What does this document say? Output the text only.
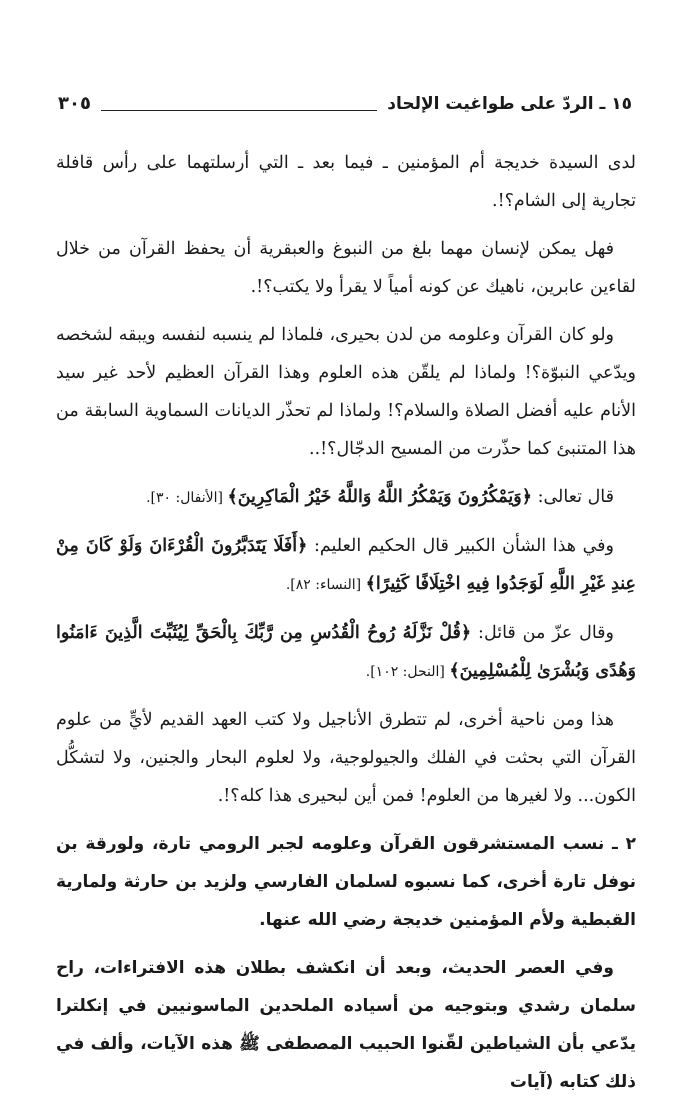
١٥ ـ الردّ على طواغيت الإلحاد
٣٠٥

لدى السيدة خديجة أم المؤمنين ـ فيما بعد ـ التي أرسلتهما على رأس قافلة تجارية إلى الشام؟!.

فهل يمكن لإنسان مهما بلغ من النبوغ والعبقرية أن يحفظ القرآن من خلال لقاءين عابرين، ناهيك عن كونه أمياً لا يقرأ ولا يكتب؟!.

ولو كان القرآن وعلومه من لدن بحيرى، فلماذا لم ينسبه لنفسه ويبقه لشخصه ويدّعي النبوّة؟! ولماذا لم يلقّن هذه العلوم وهذا القرآن العظيم لأحد غير سيد الأنام عليه أفضل الصلاة والسلام؟! ولماذا لم تحذّر الديانات السماوية السابقة من هذا المتنبئ كما حذّرت من المسيح الدجّال؟!..

قال تعالى: ﴿وَيَمْكُرُونَ وَيَمْكُرُ اللَّهُ وَاللَّهُ خَيْرُ الْمَاكِرِينَ﴾ [الأنفال: ٣٠].

وفي هذا الشأن الكبير قال الحكيم العليم: ﴿أَفَلَا يَتَدَبَّرُونَ الْقُرْءَانَ وَلَوْ كَانَ مِنْ عِندِ غَيْرِ اللَّهِ لَوَجَدُوا فِيهِ اخْتِلَافًا كَثِيرًا﴾ [النساء: ٨٢].

وقال عزّ من قائل: ﴿قُلْ نَزَّلَهُ رُوحُ الْقُدُسِ مِن رَّبِّكَ بِالْحَقِّ لِيُثَبِّتَ الَّذِينَ ءَامَنُوا وَهُدًى وَبُشْرَىٰ لِلْمُسْلِمِينَ﴾ [النحل: ١٠٢].

هذا ومن ناحية أخرى، لم تتطرق الأناجيل ولا كتب العهد القديم لأيٍّ من علوم القرآن التي بحثت في الفلك والجيولوجية، ولا لعلوم البحار والجنين، ولا لتشكُّل الكون... ولا لغيرها من العلوم! فمن أين لبحيرى هذا كله؟!.

٢ ـ نسب المستشرقون القرآن وعلومه لجبر الرومي تارة، ولورقة بن نوفل تارة أخرى، كما نسبوه لسلمان الفارسي ولزيد بن حارثة ولمارية القبطية ولأم المؤمنين خديجة رضي الله عنها.

وفي العصر الحديث، وبعد أن انكشف بطلان هذه الافتراءات، راح سلمان رشدي وبتوجيه من أسياده الملحدين الماسونيين في إنكلترا يدّعي بأن الشياطين لقّنوا الحبيب المصطفى ﷺ هذه الآيات، وألف في ذلك كتابه (آيات
